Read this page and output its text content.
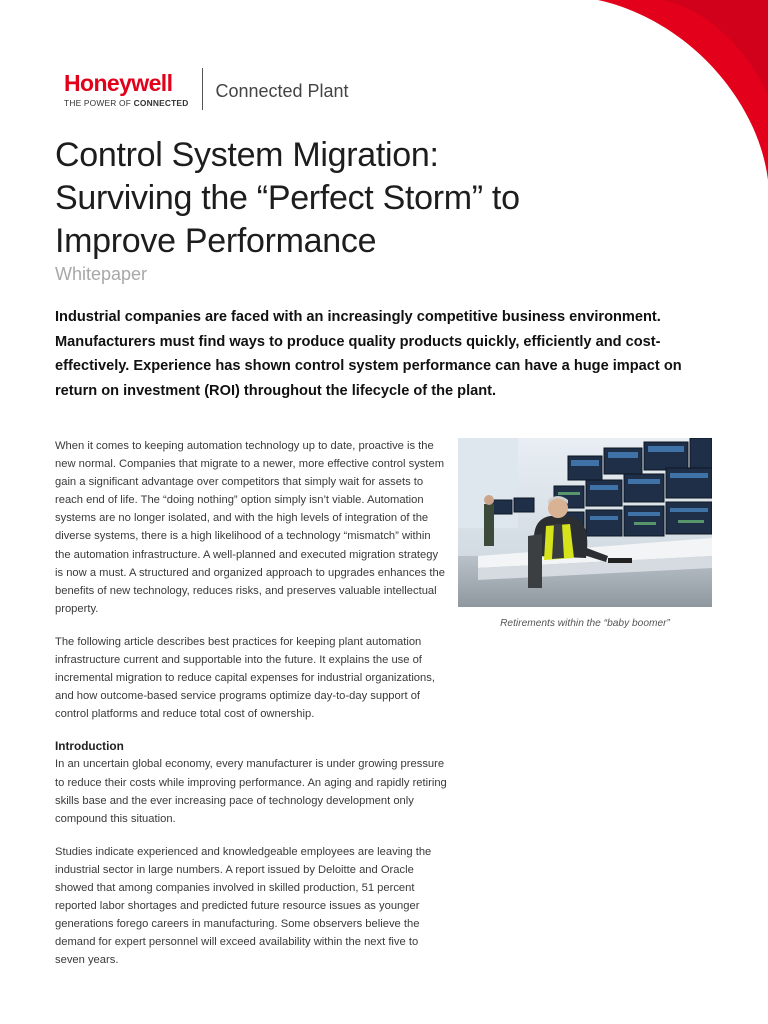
Honeywell
THE POWER OF CONNECTED
Connected Plant
Control System Migration:
Surviving the “Perfect Storm” to
Improve Performance
Whitepaper

Industrial companies are faced with an increasingly competitive business environment. Manufacturers must find ways to produce quality products quickly, efficiently and cost-effectively. Experience has shown control system performance can have a huge impact on return on investment (ROI) throughout the lifecycle of the plant.

When it comes to keeping automation technology up to date, proactive is the new normal. Companies that migrate to a newer, more effective control system gain a significant advantage over competitors that simply wait for assets to reach end of life. The “doing nothing” option simply isn’t viable. Automation systems are no longer isolated, and with the high levels of integration of the diverse systems, there is a high likelihood of a technology “mismatch” within the automation infrastructure. A well-planned and executed migration strategy is now a must. A structured and organized approach to upgrades enhances the benefits of new technology, reduces risks, and preserves valuable intellectual property.

The following article describes best practices for keeping plant automation infrastructure current and supportable into the future. It explains the use of incremental migration to reduce capital expenses for industrial organizations, and how outcome-based service programs optimize day-to-day support of control platforms and reduce total cost of ownership.

Introduction

In an uncertain global economy, every manufacturer is under growing pressure to reduce their costs while improving performance. An aging and rapidly retiring skills base and the ever increasing pace of technology development only compound this situation.

Studies indicate experienced and knowledgeable employees are leaving the industrial sector in large numbers. A report issued by Deloitte and Oracle showed that among companies involved in skilled production, 51 percent reported labor shortages and predicted future resource issues as younger generations forego careers in manufacturing. Some observers believe the demand for expert personnel will exceed availability within the next five to seven years.

Retirements within the “baby boomer”
